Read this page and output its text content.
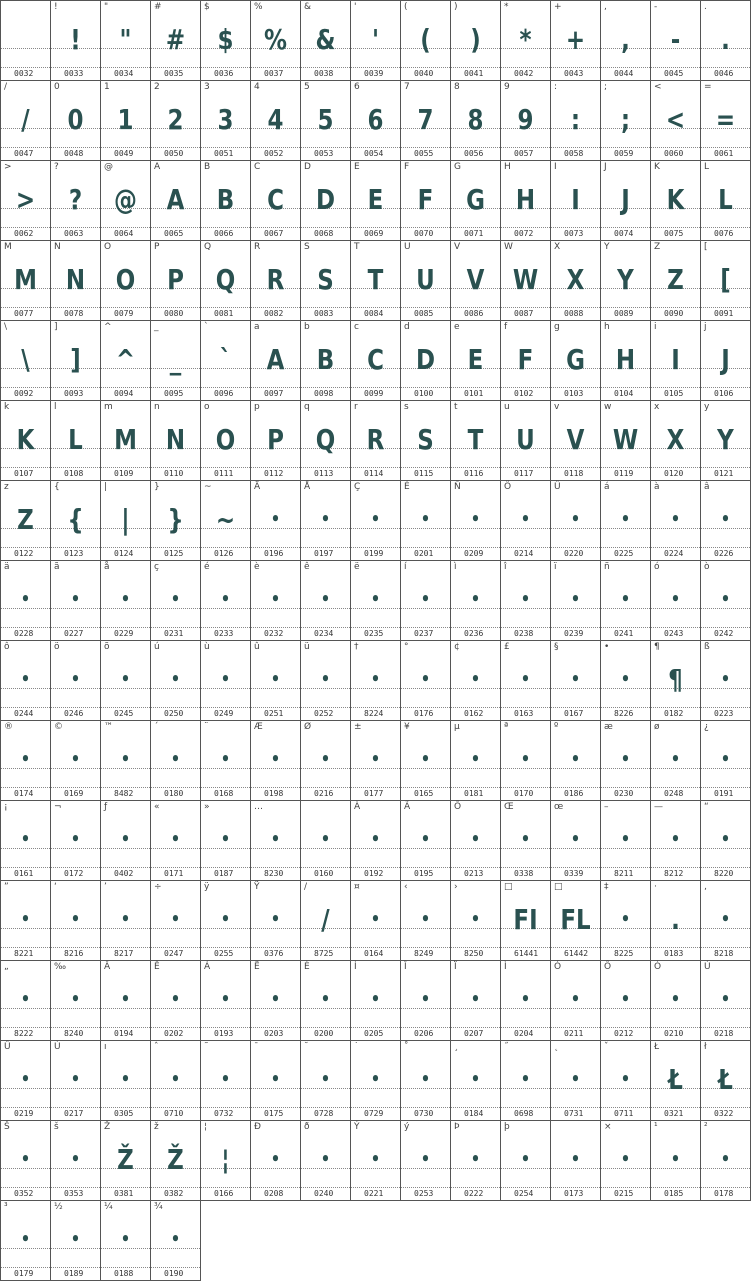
0032
!
!
0033
"
"
0034
#
#
0035
$
$
0036
%
%
0037
&
&
0038
'
'
0039
(
(
0040
)
)
0041
*
*
0042
+
+
0043
,
,
0044
-
-
0045
.
.
0046
/
/
0047
0
0
0048
1
1
0049
2
2
0050
3
3
0051
4
4
0052
5
5
0053
6
6
0054
7
7
0055
8
8
0056
9
9
0057
:
:
0058
;
;
0059
<
<
0060
=
=
0061
>
>
0062
?
?
0063
@
@
0064
A
A
0065
B
B
0066
C
C
0067
D
D
0068
E
E
0069
F
F
0070
G
G
0071
H
H
0072
I
I
0073
J
J
0074
K
K
0075
L
L
0076
M
M
0077
N
N
0078
O
O
0079
P
P
0080
Q
Q
0081
R
R
0082
S
S
0083
T
T
0084
U
U
0085
V
V
0086
W
W
0087
X
X
0088
Y
Y
0089
Z
Z
0090
[
[
0091
\
\
0092
]
]
0093
^
^
0094
_
_
0095
`
`
0096
a
A
0097
b
B
0098
c
C
0099
d
D
0100
e
E
0101
f
F
0102
g
G
0103
h
H
0104
i
I
0105
j
J
0106
k
K
0107
l
L
0108
m
M
0109
n
N
0110
o
O
0111
p
P
0112
q
Q
0113
r
R
0114
s
S
0115
t
T
0116
u
U
0117
v
V
0118
w
W
0119
x
X
0120
y
Y
0121
z
Z
0122
{
{
0123
|
|
0124
}
}
0125
~
~
0126
Ä
•
0196
Å
•
0197
Ç
•
0199
É
•
0201
Ñ
•
0209
Ö
•
0214
Ü
•
0220
á
•
0225
à
•
0224
â
•
0226
ä
•
0228
ã
•
0227
å
•
0229
ç
•
0231
é
•
0233
è
•
0232
ê
•
0234
ë
•
0235
í
•
0237
ì
•
0236
î
•
0238
ï
•
0239
ñ
•
0241
ó
•
0243
ò
•
0242
ô
•
0244
ö
•
0246
õ
•
0245
ú
•
0250
ù
•
0249
û
•
0251
ü
•
0252
†
•
8224
°
•
0176
¢
•
0162
£
•
0163
§
•
0167
•
•
8226
¶
¶
0182
ß
•
0223
®
•
0174
©
•
0169
™
•
8482
´
•
0180
¨
•
0168
Æ
•
0198
Ø
•
0216
±
•
0177
¥
•
0165
µ
•
0181
ª
•
0170
º
•
0186
æ
•
0230
ø
•
0248
¿
•
0191
¡
•
0161
¬
•
0172
ƒ
•
0402
«
•
0171
»
•
0187
…
•
8230

•
0160
À
•
0192
Ã
•
0195
Õ
•
0213
Œ
•
0338
œ
•
0339
–
•
8211
—
•
8212
“
•
8220
”
•
8221
‘
•
8216
’
•
8217
÷
•
0247
ÿ
•
0255
Ÿ
•
0376
∕
/
8725
¤
•
0164
‹
•
8249
›
•
8250
□
FI
61441
□
FL
61442
‡
•
8225
·
.
0183
‚
•
8218
„
•
8222
‰
•
8240
Â
•
0194
Ê
•
0202
Á
•
0193
Ë
•
0203
È
•
0200
Í
•
0205
Î
•
0206
Ï
•
0207
Ì
•
0204
Ó
•
0211
Ô
•
0212
Ò
•
0210
Ú
•
0218
Û
•
0219
Ù
•
0217
ı
•
0305
ˆ
•
0710
˜
•
0732
¯
•
0175
˘
•
0728
˙
•
0729
˚
•
0730
¸
•
0184
˝
•
0698
˛
•
0731
ˇ
•
0711
Ł
Ł
0321
ł
Ł
0322
Š
•
0352
š
•
0353
Ž
Ž
0381
ž
Ž
0382
¦
¦
0166
Ð
•
0208
ð
•
0240
Ý
•
0221
ý
•
0253
Þ
•
0222
þ
•
0254
•
0173
×
•
0215
¹
•
0185
²
•
0178
³
•
0179
½
•
0189
¼
•
0188
¾
•
0190
